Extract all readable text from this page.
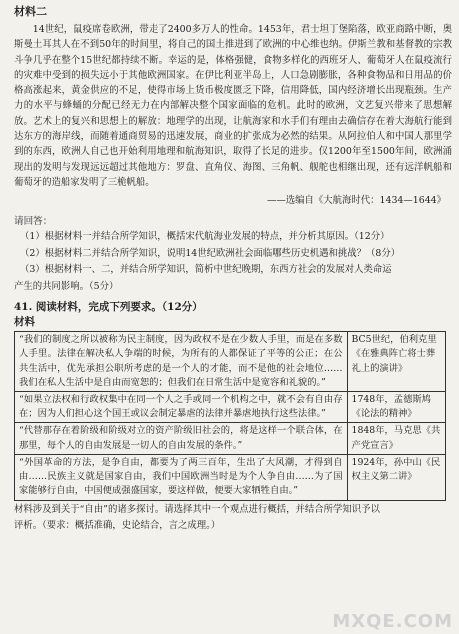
材料二

14世纪，鼠疫席卷欧洲，带走了2400多万人的性命。1453年，君士坦丁堡陷落，欧亚商路中断，奥斯曼土耳其人在不到50年的时间里，将自己的国土推进到了欧洲的中心维也纳。伊斯兰教和基督教的宗教斗争几乎在整个15世纪都持续不断。幸运的是，体格强健，食物多样化的西班牙人、葡萄牙人在鼠疫流行的灾难中受到的损失远小于其他欧洲国家。在伊比利亚半岛上，人口急剧膨胀，各种食物品和日用品的价格高涨起来，黄金供应的不足，使得市场上货币极度匮乏下降，信用降低，国内经济增长出现瓶颈。生产力的水平与蜂蛹的分配已经无力在内部解决整个国家面临的危机。此时的欧洲，文艺复兴带来了思想解放。艺术上的复兴和思想上的解放：地理学的出现，让航海家和水手们有理由去确信存在着大海航行能到达东方的海岸线，而随着通商贸易的迅速发展，商业的扩张成为必然的结果。从阿拉伯人和中国人那里学到的东西，欧洲人自己也开始利用地理和航海知识，取得了长足的进步。仅1200年至1500年间，欧洲涌现出的发明与发现远远超过其他地方：罗盘、直角仪、海图、三角帆、舰舵也相继出现，还有远洋帆船和葡萄牙的造船家发明了三桅帆船。

——选编自《大航海时代：1434—1644》
请回答：
（1）根据材料一并结合所学知识，概括宋代航海业发展的特点，并分析其原因。（12分）
（2）根据材料二并结合所学知识，说明14世纪欧洲社会面临哪些历史机遇和挑战？（8分）
（3）根据材料一、二，并结合所学知识，简析中世纪晚期，东西方社会的发展对人类命运
产生的共同影响。（5分）
41. 阅读材料，完成下列要求。（12分）
材料
“我们的制度之所以被称为民主制度，因为政权不是在少数人手里，而是在多数人手里。法律在解决私人争端的时候，为所有的人都保证了平等的公正；在公共生活中，优先承担公职所考虑的是一个人的才能，而不是他的社会地位……我们在私人生活中是自由而宽恕的；但我们在日常生活中是宽容和礼貌的。”	BC5世纪，伯利克里《在雅典阵亡将士葬礼上的演讲》
“如果立法权和行政权集中在同一个人之手或同一个机构之中，就不会有自由存在；因为人们担心这个国王或议会制定暴虐的法律并暴虐地执行这些法律。”	1748年，孟德斯鸠《论法的精神》
“代替那存在着阶级和阶级对立的资产阶级旧社会的，将是这样一个联合体，在那里，每个人的自由发展是一切人的自由发展的条件。”	1848年，马克思《共产党宣言》
“外国革命的方法，是争自由，都要为了两三百年，生出了大风潮，才得到自由……民族主义就是国家自由，我们中国欧洲当时是为个人争自由……为了国家能够行自由，中国便成强盛国家，要这样做，便要大家牺牲自由。”	1924年，孙中山《民权主义第二讲》
材料涉及到关于“自由”的诸多探讨。请选择其中一个观点进行概括，并结合所学知识予以
评析。（要求：概括准确，史论结合，言之成理。）
MXQE.COM
